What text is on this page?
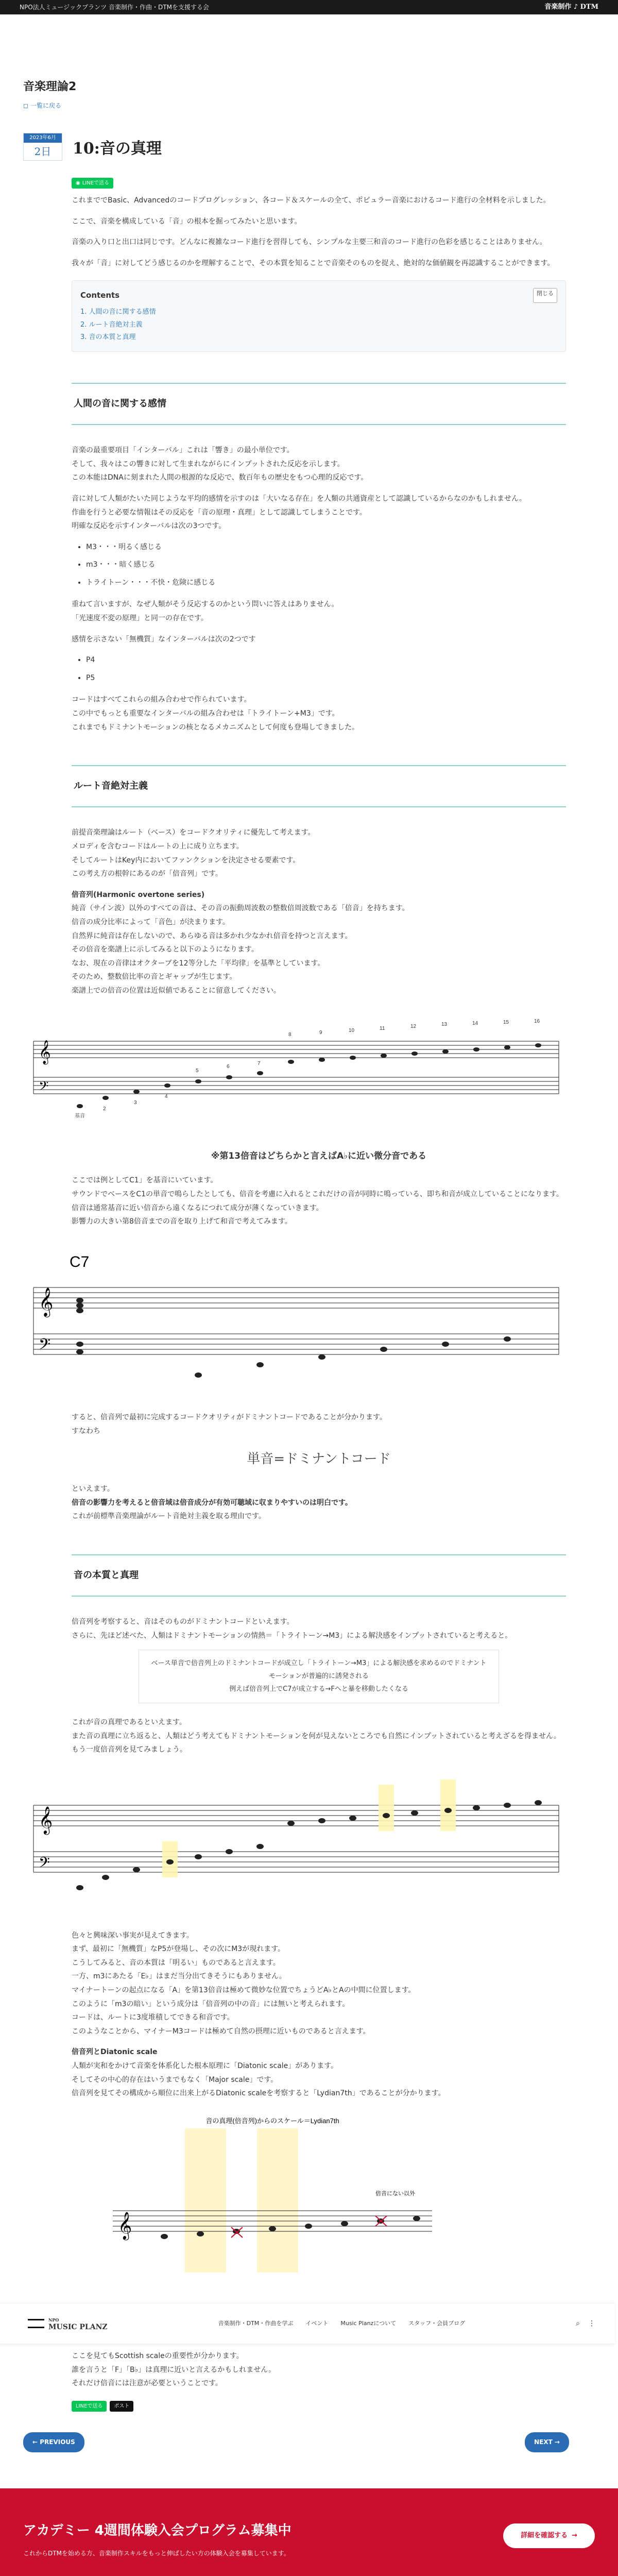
NPO法人ミュージックプランツ 音楽制作・作曲・DTMを支援する会	音楽制作 ♪ DTM
音楽理論2
◻ 一覧に戻る
2023年6月
2日	10:音の真理
◉ LINEで送る

これまででBasic、Advancedのコードプログレッション、各コード＆スケールの全て、ポピュラー音楽におけるコード進行の全材料を示しました。

ここで、音楽を構成している「音」の根本を掘ってみたいと思います。

音楽の入り口と出口は同じです。どんなに複雑なコード進行を習得しても、シンプルな主要三和音のコード進行の色彩を感じることはありません。

我々が「音」に対してどう感じるのかを理解することで、その本質を知ることで音楽そのものを捉え、絶対的な価値観を再認識することができます。

Contents	閉じる
1. 人間の音に関する感情
2. ルート音絶対主義
3. 音の本質と真理
人間の音に関する感情

音楽の最重要項目「インターバル」これは「響き」の最小単位です。
そして、我々はこの響きに対して生まれながらにインプットされた反応を示します。
この本能はDNAに刻まれた人間の根源的な反応で、数百年もの歴史をもつ心理的反応です。

音に対して人類がたいた同じような平均的感情を示すのは「大いなる存在」を人類の共通資産として認識しているからなのかもしれません。
作曲を行うと必要な情報はその反応を「音の原理・真理」として認識してしまうことです。
明確な反応を示すインターバルは次の3つです。

• M3・・・明るく感じる
• m3・・・暗く感じる
• トライトーン・・・不快・危険に感じる

重ねて言いますが、なぜ人類がそう反応するのかという問いに答えはありません。
「光速度不変の原理」と同一の存在です。

感情を示さない「無機質」なインターバルは次の2つです

• P4
• P5

コードはすべてこれらの組み合わせで作られています。
この中でもっとも重要なインターバルの組み合わせは「トライトーン+M3」です。
これまでもドミナントモーションの核となるメカニズムとして何度も登場してきました。

ルート音絶対主義

前提音楽理論はルート（ベース）をコードクオリティに優先して考えます。
メロディを含むコードはルートの上に成り立ちます。
そしてルートはKey内においてファンクションを決定させる要素です。
この考え方の根幹にあるのが「倍音列」です。

倍音列(Harmonic overtone series)

純音（サイン波）以外のすべての音は、その音の振動周波数の整数倍周波数である「倍音」を持ちます。
倍音の成分比率によって「音色」が決まります。
自然界に純音は存在しないので、あらゆる音は多かれ少なかれ倍音を持つと言えます。
その倍音を楽譜上に示してみると以下のようになります。
なお、現在の音律はオクターブを12等分した「平均律」を基準としています。
そのため、整数倍比率の音とギャップが生じます。
楽譜上での倍音の位置は近似値であることに留意してください。

𝄞
𝄢
基音
2
3
4
5
6
7
8	9	10	11	12	13	14	15	16
※第13倍音はどちらかと言えばA♭に近い微分音である

ここでは例としてC1」を基音にいています。
サウンドでベースをC1の単音で鳴らしたとしても、倍音を考慮に入れるとこれだけの音が同時に鳴っている、即ち和音が成立していることになります。
倍音は通常基音に近い倍音から遠くなるにつれて成分が薄くなっていきます。
影響力の大きい第8倍音までの音を取り上げて和音で考えてみます。

C7
𝄞
𝄢

すると、倍音列で最初に完成するコードクオリティがドミナントコードであることが分かります。
すなわち

単音=ドミナントコード

といえます。
倍音の影響力を考えると倍音域は倍音成分が有効可聴域に収まりやすいのは明白です。
これが前標準音楽理論がルート音絶対主義を取る理由です。

音の本質と真理

倍音列を考察すると、音はそのものがドミナントコードといえます。
さらに、先ほど述べた、人類はドミナントモーションの情熱＝「トライトーン→M3」による解決感をインプットされていると考えると。

ベース単音で倍音列上のドミナントコードが成立し「トライトーン→M3」による解決感を求めるのでドミナントモーションが普遍的に誘発される
例えば倍音列上でC7が成立する→Fへと暴を移動したくなる

これが音の真理であるといえます。
また音の真理に立ち返ると、人類はどう考えてもドミナントモーションを何が見えないところでも自然にインプットされていると考えざるを得ません。
もう一度倍音列を見てみましょう。

𝄞
𝄢

色々と興味深い事実が見えてきます。
まず、最初に「無機質」なP5が登場し、その次にM3が現れます。
こうしてみると、音の本質は「明るい」ものであると言えます。
一方、m3にあたる「E♭」はまだ当分出てきそうにもありません。
マイナートーンの起点になる「A」を第13倍音は極めて微妙な位置でちょうどA♭とAの中間に位置します。
このように「m3の暗い」という成分は「倍音列の中の音」には無いと考えられます。
コードは、ルートに3度堆積してできる和音です。
このようなことから、マイナーM3コードは極めて自然の摂理に近いものであると言えます。

倍音列とDiatonic scale

人類が実和をかけて音楽を体系化した根本原理に「Diatonic scale」があります。
そしてその中心的存在はいうまでもなく「Major scale」です。
倍音列を見てその構成から順位に出来上がるDiatonic scaleを考察すると「Lydian7th」であることが分かります。

音の真理(倍音列)からのスケール＝Lydian7th
𝄞
倍音にない以外
NPO
MUSIC PLANZ	音楽制作・DTM・作曲を学ぶ イベント Music Planzについて スタッフ・会員ブログ	⌕ ⋮

ここを見てもScottish scaleの重要性が分かります。
誰を言うと「F」「B♭」は真理に近いと言えるかもしれません。
それだけ倍音には注意が必要ということです。

LINEで送る	ポスト
← PREVIOUS	NEXT →
アカデミー 4週間体験入会プログラム募集中

これからDTMを始める方、音楽制作スキルをもっと伸ばしたい方の体験入会を募集しています。

詳細を確認する →
